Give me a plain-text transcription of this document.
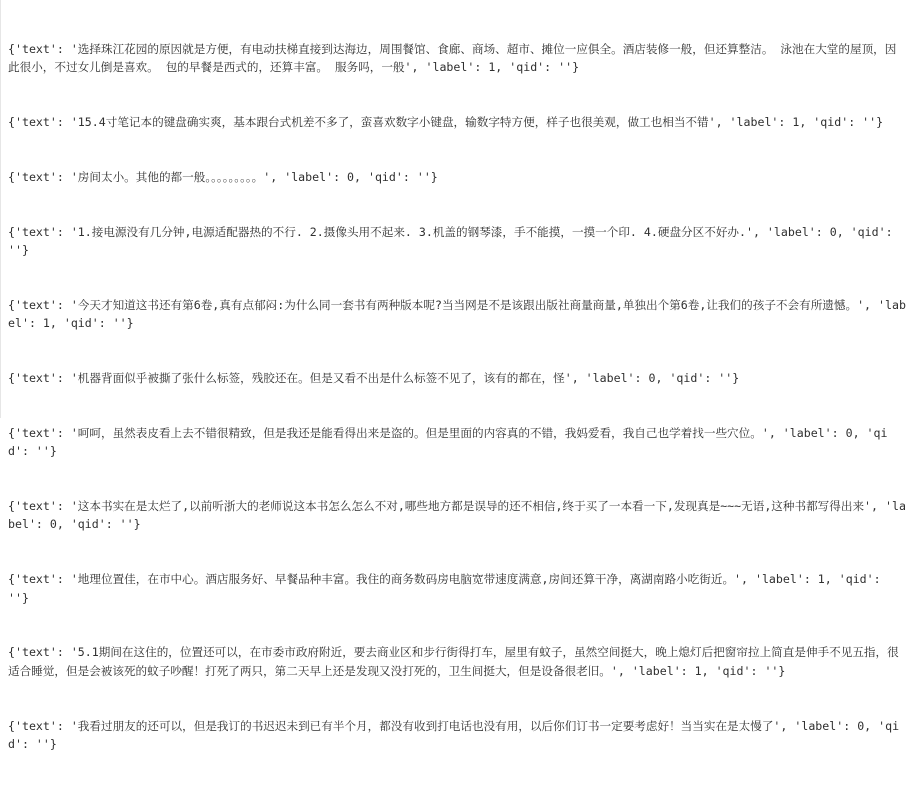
{'text': '选择珠江花园的原因就是方便，有电动扶梯直接到达海边，周围餐馆、食廊、商场、超市、摊位一应俱全。酒店装修一般，但还算整洁。 泳池在大堂的屋顶，因此很小，不过女儿倒是喜欢。 包的早餐是西式的，还算丰富。 服务吗，一般', 'label': 1, 'qid': ''}

{'text': '15.4寸笔记本的键盘确实爽，基本跟台式机差不多了，蛮喜欢数字小键盘，输数字特方便，样子也很美观，做工也相当不错', 'label': 1, 'qid': ''}

{'text': '房间太小。其他的都一般。。。。。。。。。', 'label': 0, 'qid': ''}

{'text': '1.接电源没有几分钟,电源适配器热的不行. 2.摄像头用不起来. 3.机盖的钢琴漆，手不能摸，一摸一个印. 4.硬盘分区不好办.', 'label': 0, 'qid': ''}

{'text': '今天才知道这书还有第6卷,真有点郁闷:为什么同一套书有两种版本呢?当当网是不是该跟出版社商量商量,单独出个第6卷,让我们的孩子不会有所遗憾。', 'label': 1, 'qid': ''}

{'text': '机器背面似乎被撕了张什么标签，残胶还在。但是又看不出是什么标签不见了，该有的都在，怪', 'label': 0, 'qid': ''}

{'text': '呵呵，虽然表皮看上去不错很精致，但是我还是能看得出来是盗的。但是里面的内容真的不错，我妈爱看，我自己也学着找一些穴位。', 'label': 0, 'qid': ''}

{'text': '这本书实在是太烂了,以前听浙大的老师说这本书怎么怎么不对,哪些地方都是误导的还不相信,终于买了一本看一下,发现真是~~~无语,这种书都写得出来', 'label': 0, 'qid': ''}

{'text': '地理位置佳，在市中心。酒店服务好、早餐品种丰富。我住的商务数码房电脑宽带速度满意,房间还算干净，离湖南路小吃街近。', 'label': 1, 'qid': ''}

{'text': '5.1期间在这住的，位置还可以，在市委市政府附近，要去商业区和步行街得打车，屋里有蚊子，虽然空间挺大，晚上熄灯后把窗帘拉上简直是伸手不见五指，很适合睡觉，但是会被该死的蚊子吵醒！打死了两只，第二天早上还是发现又没打死的，卫生间挺大，但是设备很老旧。', 'label': 1, 'qid': ''}

{'text': '我看过朋友的还可以，但是我订的书迟迟未到已有半个月，都没有收到打电话也没有用，以后你们订书一定要考虑好！当当实在是太慢了', 'label': 0, 'qid': ''}
